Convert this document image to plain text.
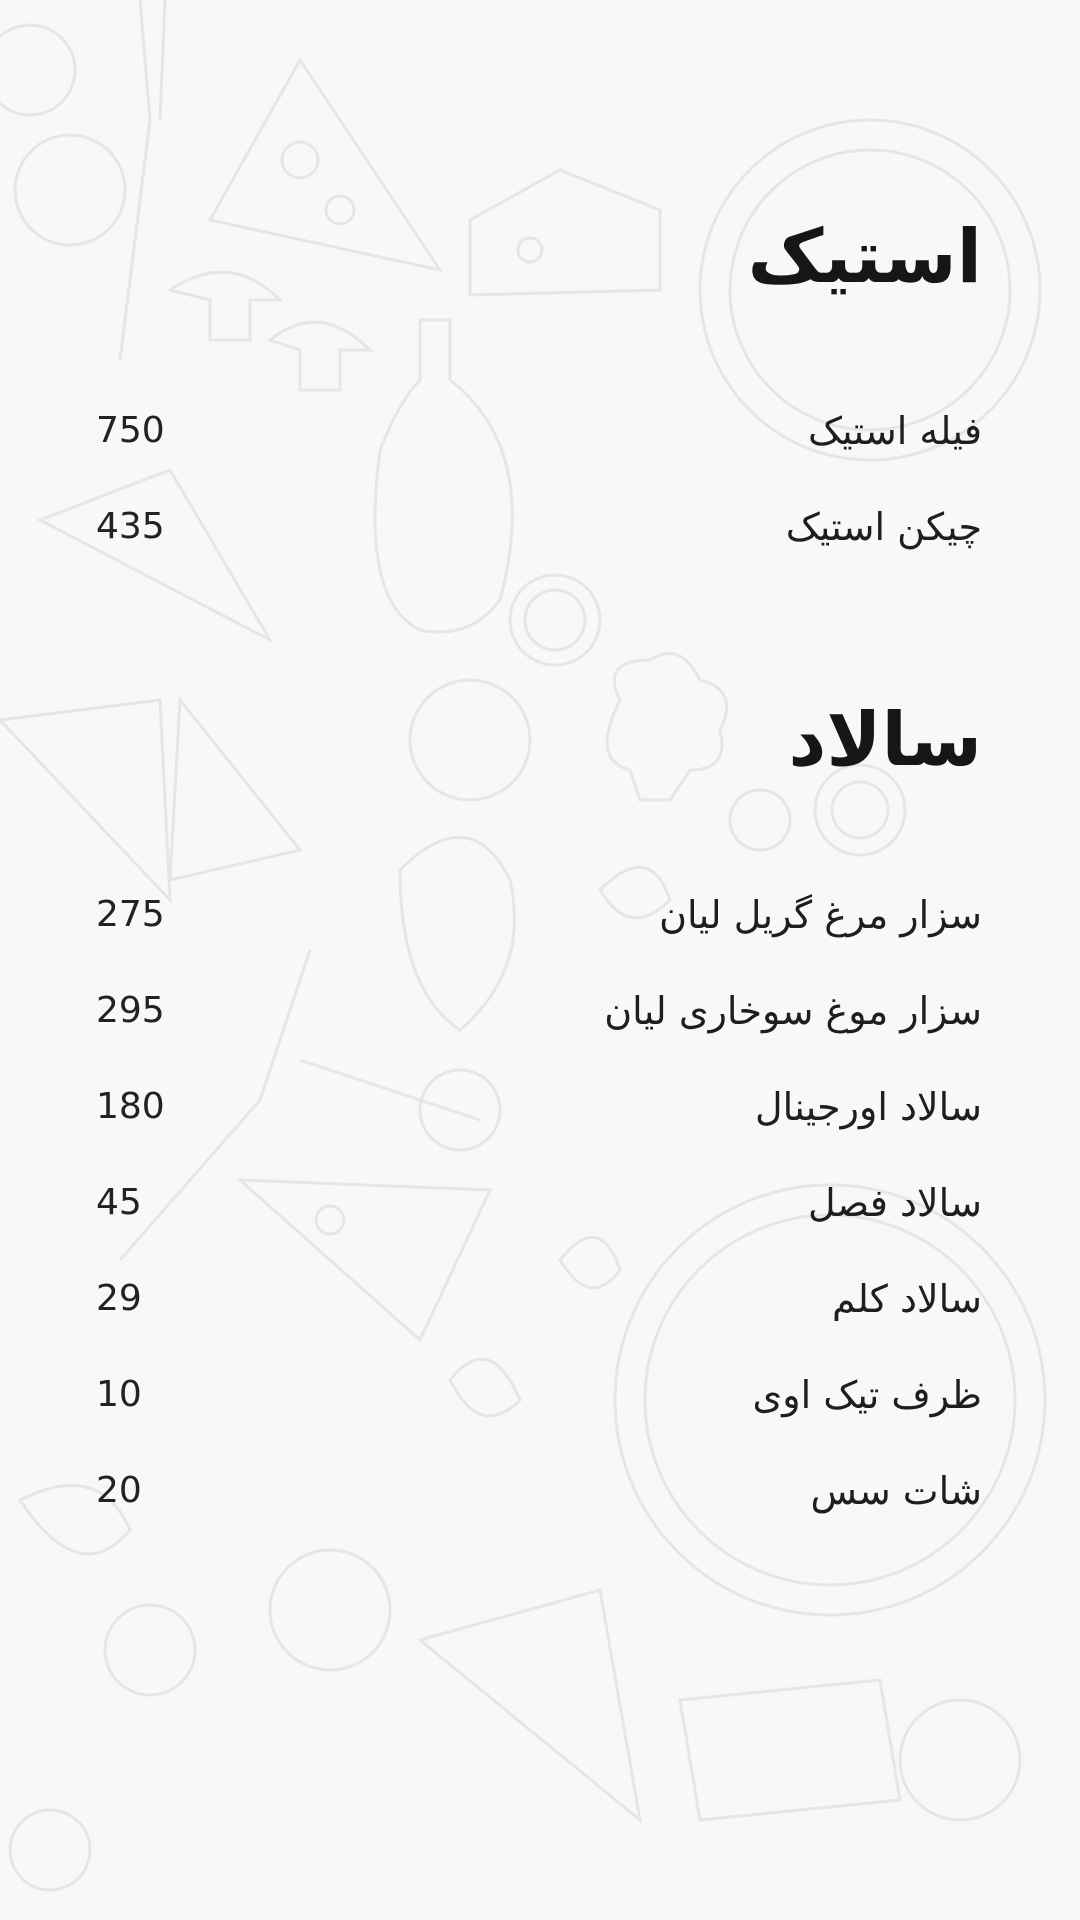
استیک
فیله استیک
750
چیکن استیک
435
سالاد
سزار مرغ گریل لیان
275
سزار موغ سوخاری لیان
295
سالاد اورجینال
180
سالاد فصل
45
سالاد کلم
29
ظرف تیک اوی
10
شات سس
20
